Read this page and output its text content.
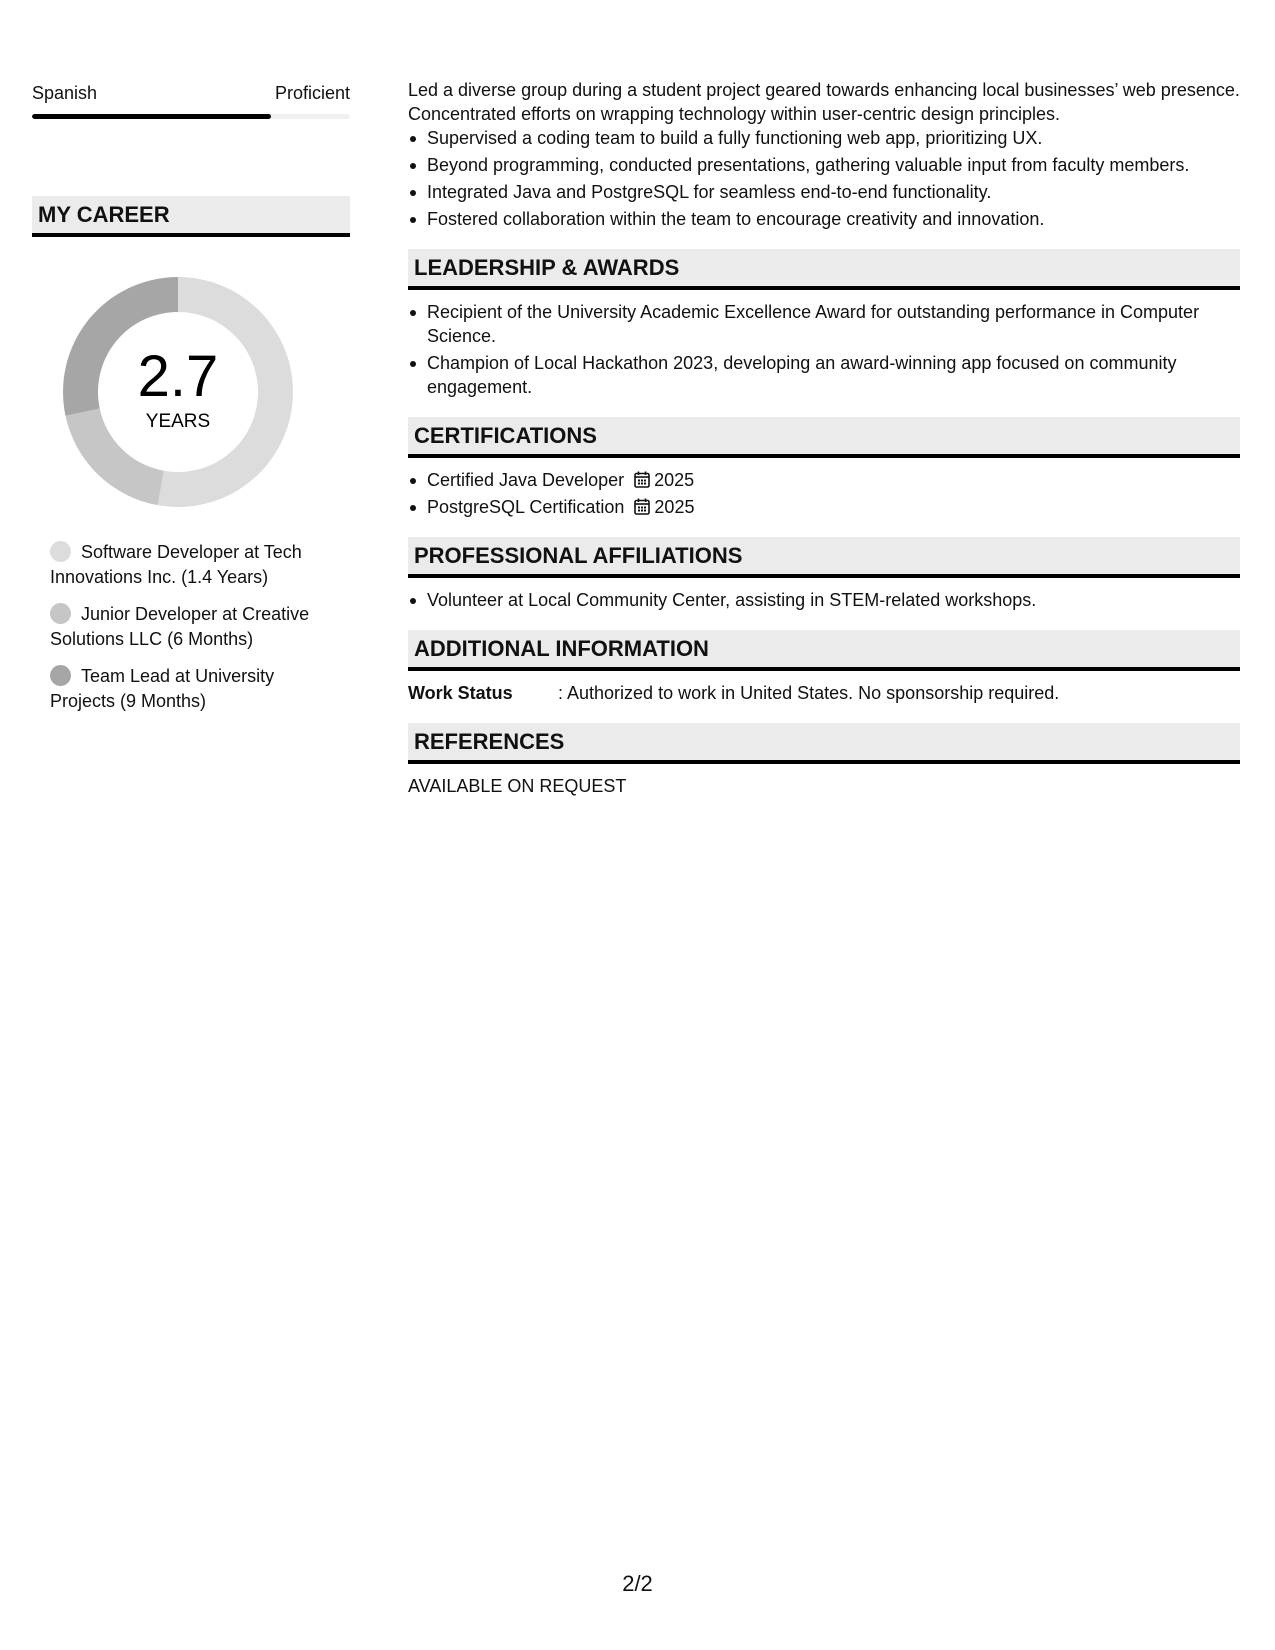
Spanish	Proficient
MY CAREER
2.7
YEARS
Software Developer at Tech Innovations Inc. (1.4 Years)
Junior Developer at Creative Solutions LLC (6 Months)
Team Lead at University Projects (9 Months)

Led a diverse group during a student project geared towards enhancing local businesses’ web presence. Concentrated efforts on wrapping technology within user-centric design principles.

Supervised a coding team to build a fully functioning web app, prioritizing UX.
Beyond programming, conducted presentations, gathering valuable input from faculty members.
Integrated Java and PostgreSQL for seamless end-to-end functionality.
Fostered collaboration within the team to encourage creativity and innovation.
LEADERSHIP & AWARDS
Recipient of the University Academic Excellence Award for outstanding performance in Computer Science.
Champion of Local Hackathon 2023, developing an award-winning app focused on community engagement.
CERTIFICATIONS
Certified Java Developer 2025
PostgreSQL Certification 2025
PROFESSIONAL AFFILIATIONS
Volunteer at Local Community Center, assisting in STEM-related workshops.
ADDITIONAL INFORMATION
Work Status	: Authorized to work in United States. No sponsorship required.
REFERENCES
AVAILABLE ON REQUEST
2/2
